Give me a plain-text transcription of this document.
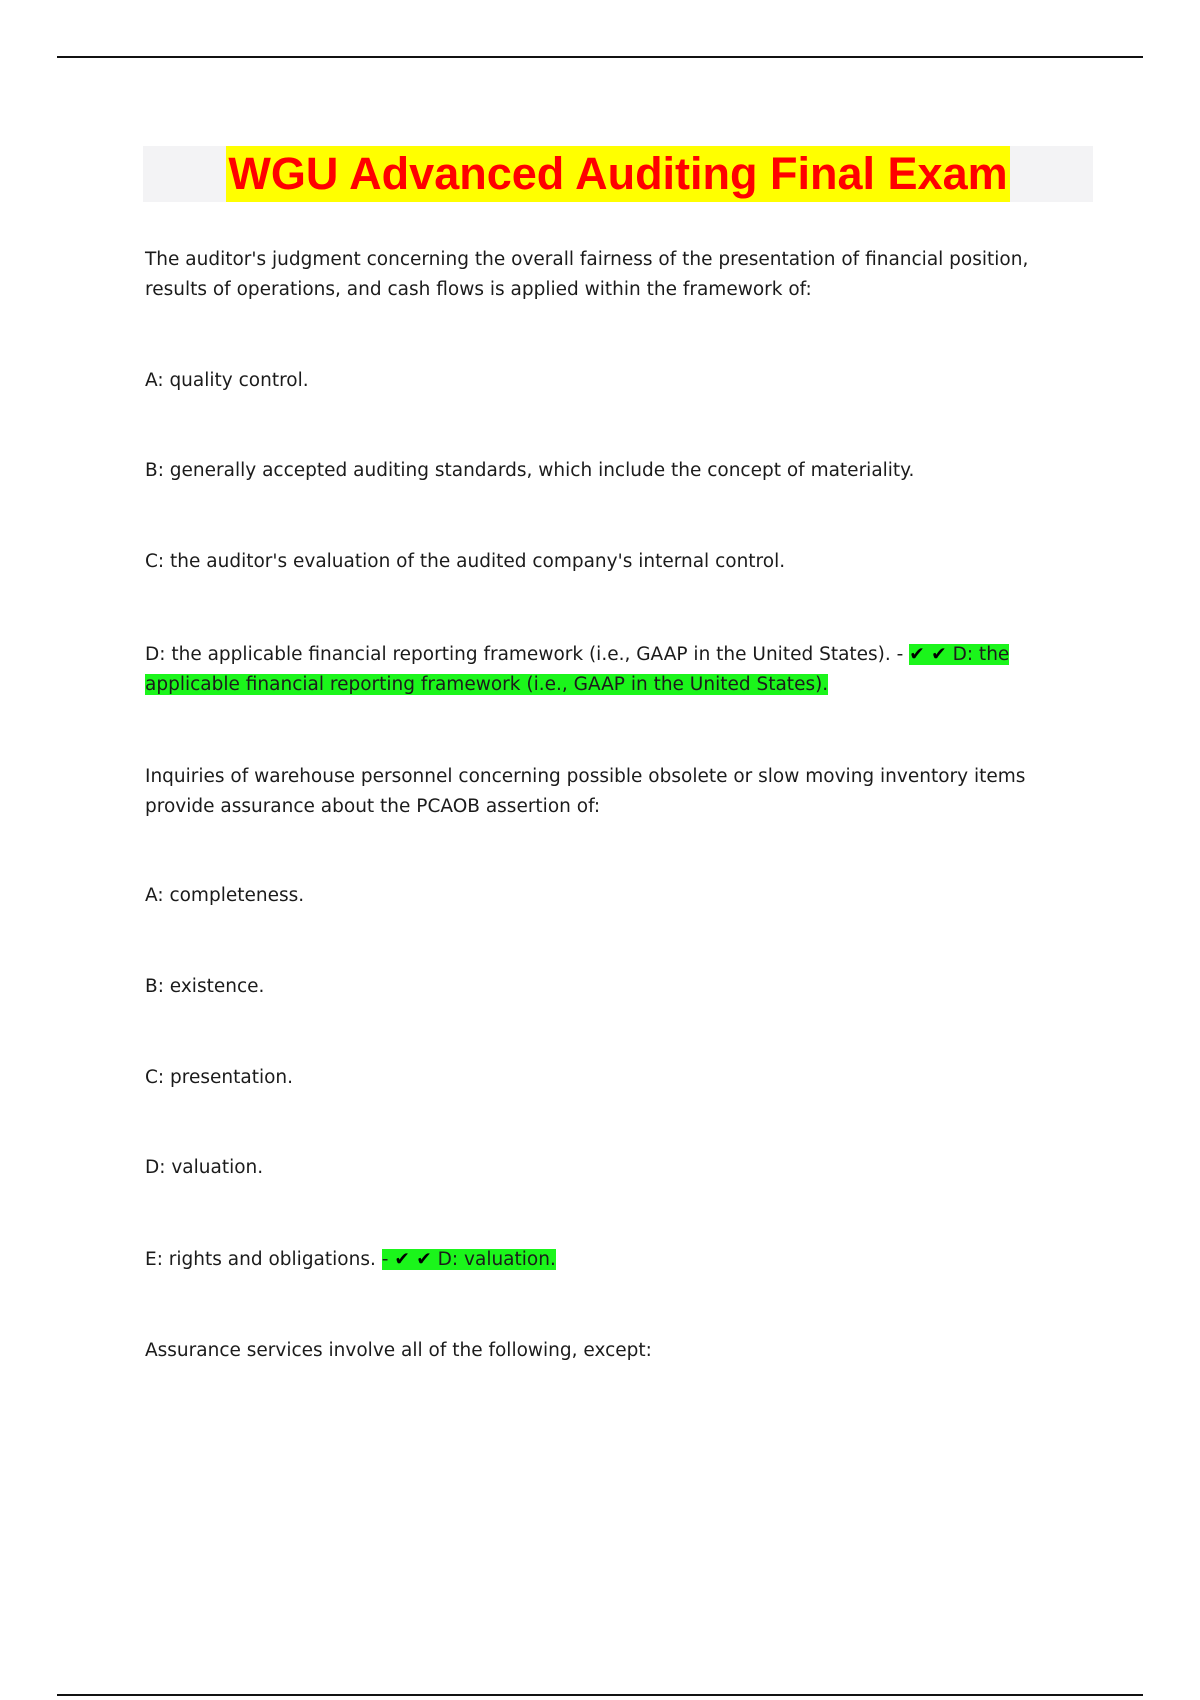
WGU Advanced Auditing Final Exam

The auditor's judgment concerning the overall fairness of the presentation of financial position, results of operations, and cash flows is applied within the framework of:

A: quality control.

B: generally accepted auditing standards, which include the concept of materiality.

C: the auditor's evaluation of the audited company's internal control.

D: the applicable financial reporting framework (i.e., GAAP in the United States). - ✔ ✔ D: the applicable financial reporting framework (i.e., GAAP in the United States).

Inquiries of warehouse personnel concerning possible obsolete or slow moving inventory items provide assurance about the PCAOB assertion of:

A: completeness.

B: existence.

C: presentation.

D: valuation.

E: rights and obligations. - ✔ ✔ D: valuation.

Assurance services involve all of the following, except:
